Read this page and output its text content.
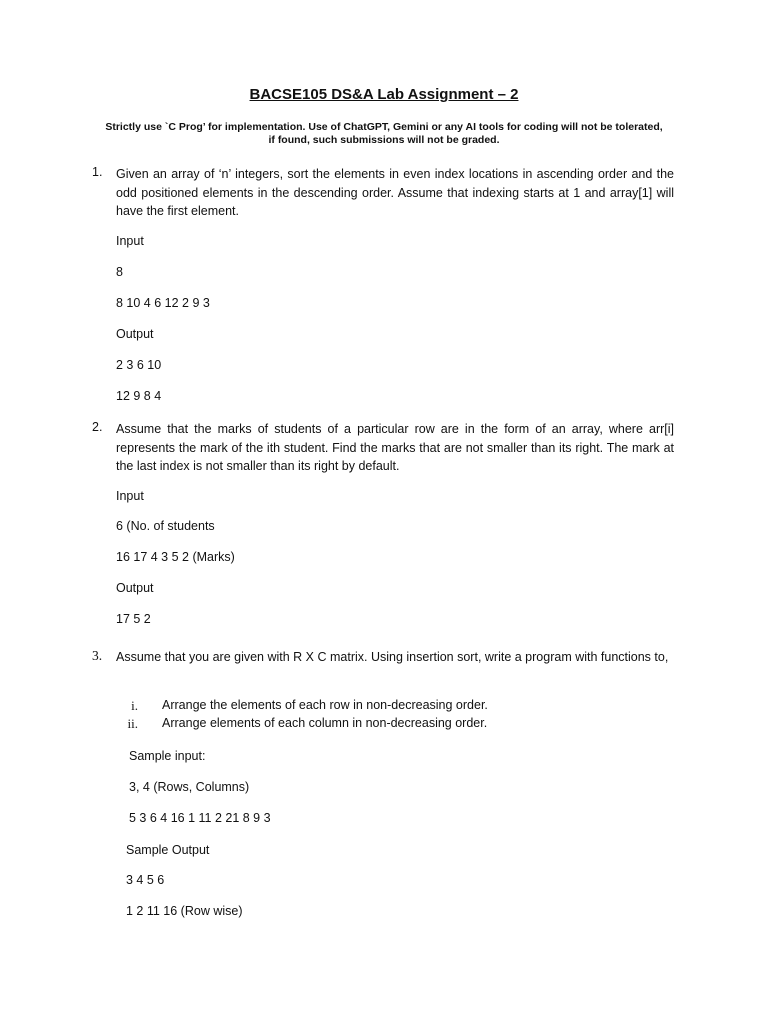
BACSE105 DS&A Lab Assignment – 2
Strictly use `C Prog’ for implementation. Use of ChatGPT, Gemini or any AI tools for coding will not be tolerated, if found, such submissions will not be graded.
1. Given an array of ‘n’ integers, sort the elements in even index locations in ascending order and the odd positioned elements in the descending order. Assume that indexing starts at 1 and array[1] will have the first element.
Input
8
8 10 4 6 12 2 9 3
Output
2 3 6 10
12 9 8 4
2. Assume that the marks of students of a particular row are in the form of an array, where arr[i] represents the mark of the ith student. Find the marks that are not smaller than its right. The mark at the last index is not smaller than its right by default.
Input
6 (No. of students
16 17 4 3 5 2 (Marks)
Output
17 5 2
3. Assume that you are given with R X C matrix. Using insertion sort, write a program with functions to,
i. Arrange the elements of each row in non-decreasing order.
ii. Arrange elements of each column in non-decreasing order.
Sample input:
3, 4 (Rows, Columns)
5 3 6 4 16 1 11 2 21 8 9 3
Sample Output
3 4 5 6
1 2 11 16 (Row wise)
